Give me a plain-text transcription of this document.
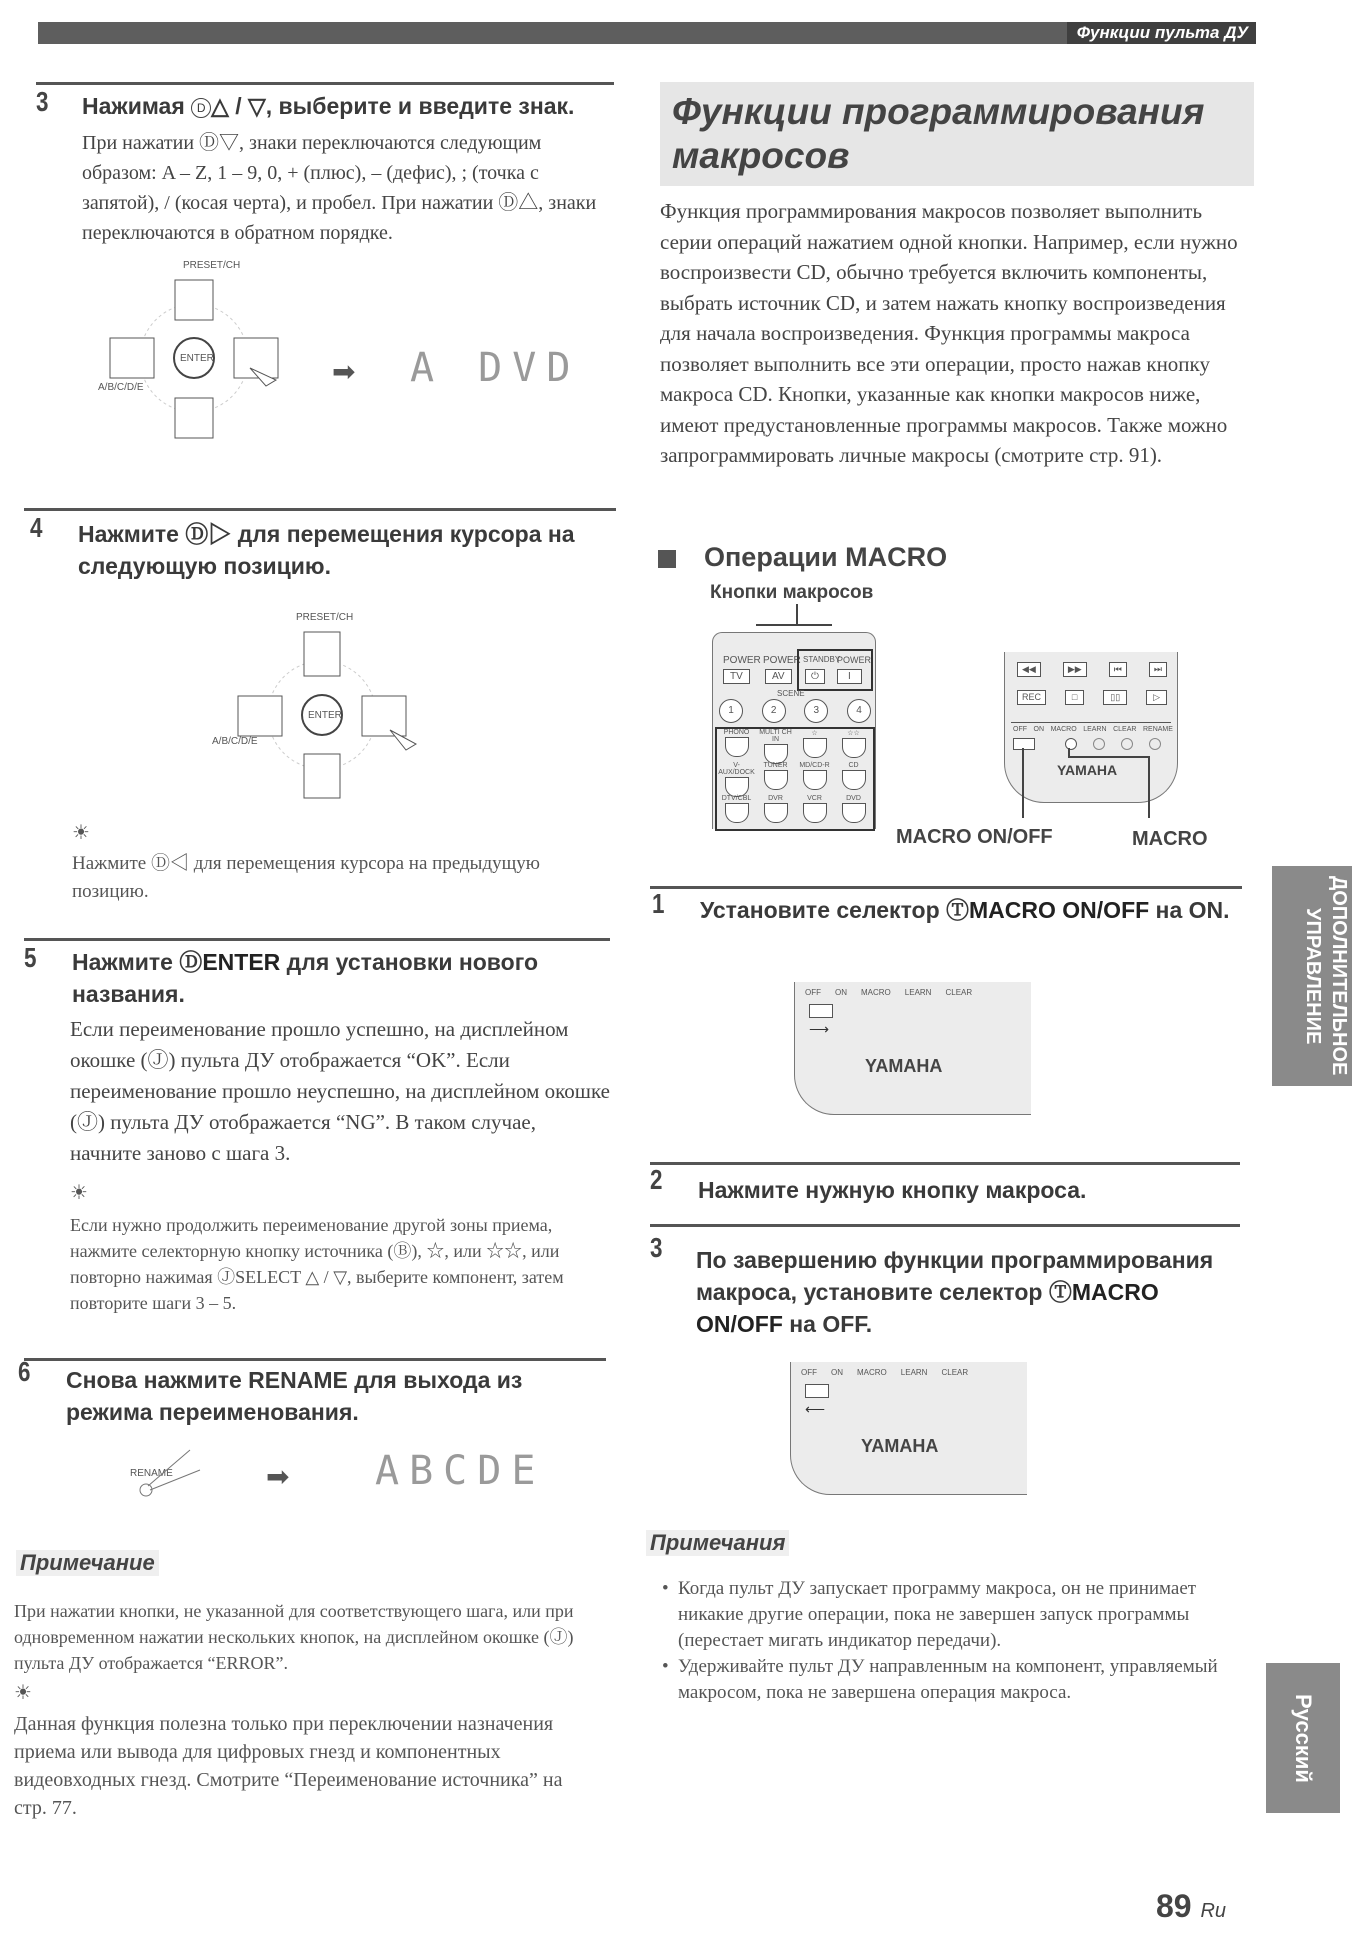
Функции пульта ДУ
3 Нажимая D △ / ▽, выберите и введите знак.
При нажатии Ⓓ▽, знаки переключаются следующим образом: A – Z, 1 – 9, 0, + (плюс), – (дефис), ; (точка с запятой), / (косая черта), и пробел. При нажатии Ⓓ△, знаки переключаются в обратном порядке.
PRESET/CH
A/B/C/D/E
ENTER	➡ A DVD
4 Нажмите Ⓓ▷ для перемещения курсора на следующую позицию.
PRESET/CH
A/B/C/D/E
ENTER
☀
Нажмите Ⓓ◁ для перемещения курсора на предыдущую позицию.
5 Нажмите ⒹENTER для установки нового названия.
Если переименование прошло успешно, на дисплейном окошке (Ⓙ) пульта ДУ отображается “OK”. Если переименование прошло неуспешно, на дисплейном окошке (Ⓙ) пульта ДУ отображается “NG”. В таком случае, начните заново с шага 3.
☀
Если нужно продолжить переименование другой зоны приема, нажмите селекторную кнопку источника (Ⓑ), ☆, или ☆☆, или повторно нажимая ⒿSELECT △ / ▽, выберите компонент, затем повторите шаги 3 – 5.
6 Снова нажмите RENAME для выхода из режима переименования.
RENAME	➡ ABCDE
Примечание
При нажатии кнопки, не указанной для соответствующего шага, или при одновременном нажатии нескольких кнопок, на дисплейном окошке (Ⓙ) пульта ДУ отображается “ERROR”.
☀
Данная функция полезна только при переключении назначения приема или вывода для цифровых гнезд и компонентных видеовходных гнезд. Смотрите “Переименование источника” на стр. 77.
Функции программирования
макросов
Функция программирования макросов позволяет выполнить серии операций нажатием одной кнопки. Например, если нужно воспроизвести CD, обычно требуется включить компоненты, выбрать источник CD, и затем нажать кнопку воспроизведения для начала воспроизведения. Функция программы макроса позволяет выполнить все эти операции, просто нажав кнопку макроса CD. Кнопки, указанные как кнопки макросов ниже, имеют предустановленные программы макросов. Также можно запрограммировать личные макросы (смотрите стр. 91).
Операции MACRO
Кнопки макросов
POWER POWER STANDBY
POWER
TV	AV	⏻	I
SCENE
1	2	3	4
PHONO	MULTI CH IN
☆	☆☆
V-AUX/DOCK
TUNER	MD/CD-R	CD
DTV/CBL	DVR	VCR	DVD
◀◀	▶▶	⏮	⏭
REC	□	▯▯	▷
OFF ON MACRO LEARN CLEAR RENAME
YAMAHA
MACRO ON/OFF	MACRO
1 Установите селектор ⓉMACRO ON/OFF на ON.
OFF ON MACRO LEARN CLEAR
⟶
YAMAHA
2 Нажмите нужную кнопку макроса.
3 По завершению функции программирования макроса, установите селектор ⓉMACRO ON/OFF на OFF.
OFF ON MACRO LEARN CLEAR
⟵
YAMAHA
Примечания
• Когда пульт ДУ запускает программу макроса, он не принимает никакие другие операции, пока не завершен запуск программы (перестает мигать индикатор передачи).
• Удерживайте пульт ДУ направленным на компонент, управляемый макросом, пока не завершена операция макроса.
ДОПОЛНИТЕЛЬНОЕ УПРАВЛЕНИЕ
Русский
89 Ru
